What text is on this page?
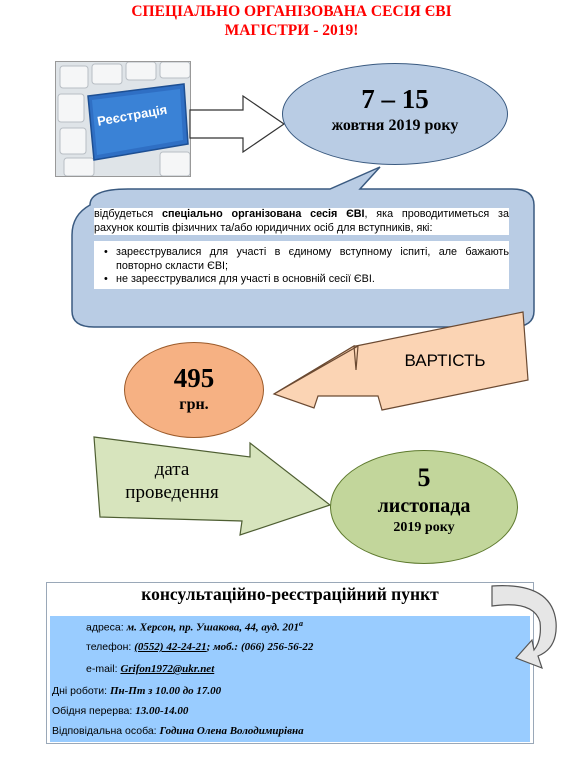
СПЕЦІАЛЬНО ОРГАНІЗОВАНА СЕСІЯ ЄВІ
МАГІСТРИ - 2019!
Реєстрація
7 – 15
жовтня 2019 року
відбудеться спеціально організована сесія ЄВІ, яка проводитиметься за рахунок коштів фізичних та/або юридичних осіб для вступників, які:
• зареєструвалися для участі в єдиному вступному іспиті, але бажають повторно скласти ЄВІ;
• не зареєструвалися для участі в основній сесії ЄВІ.
ВАРТІСТЬ
495
грн.
дата
проведення
5
листопада
2019 року
консультаційно-реєстраційний пункт
адреса: м. Херсон, пр. Ушакова, 44, ауд. $201^а$
телефон: (0552) 42-24-21; моб.: (066) 256-56-22
e-mail: Grifon1972@ukr.net
Дні роботи: Пн-Пт з 10.00 до 17.00
Обідня перерва: 13.00-14.00
Відповідальна особа: Година Олена Володимирівна
